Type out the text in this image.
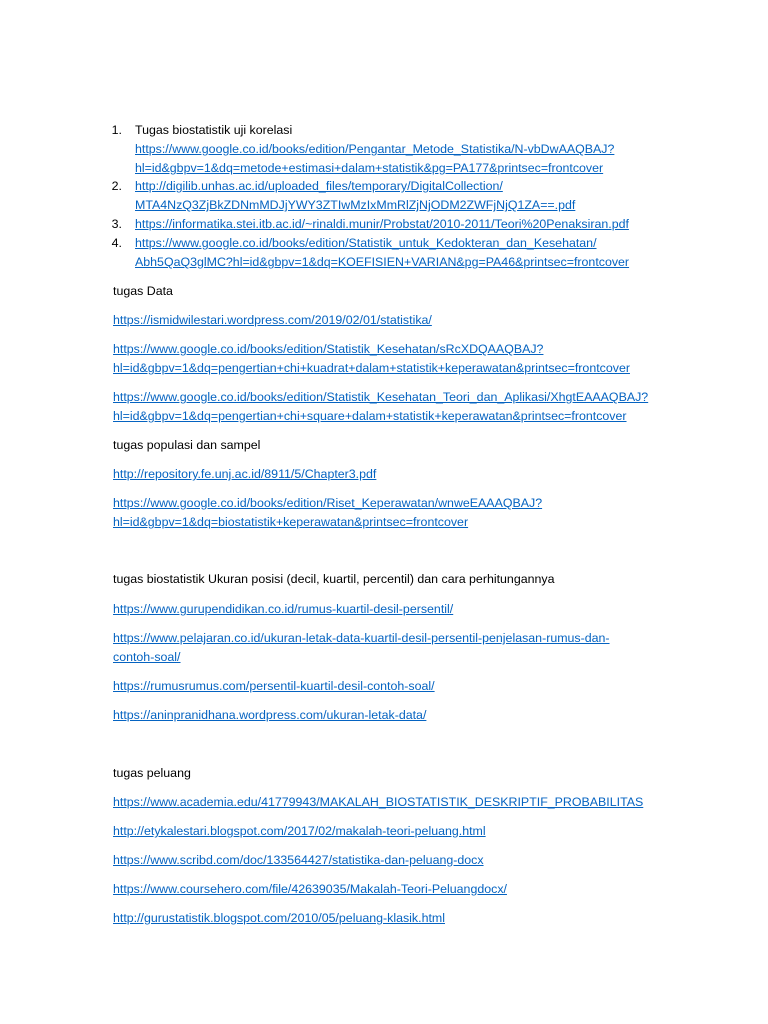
1. Tugas biostatistik uji korelasi
https://www.google.co.id/books/edition/Pengantar_Metode_Statistika/N-vbDwAAQBAJ?
hl=id&gbpv=1&dq=metode+estimasi+dalam+statistik&pg=PA177&printsec=frontcover
2. http://digilib.unhas.ac.id/uploaded_files/temporary/DigitalCollection/
MTA4NzQ3ZjBkZDNmMDJjYWY3ZTIwMzIxMmRlZjNjODM2ZWFjNjQ1ZA==.pdf
3. https://informatika.stei.itb.ac.id/~rinaldi.munir/Probstat/2010-2011/Teori%20Penaksiran.pdf
4. https://www.google.co.id/books/edition/Statistik_untuk_Kedokteran_dan_Kesehatan/
Abh5QaQ3glMC?hl=id&gbpv=1&dq=KOEFISIEN+VARIAN&pg=PA46&printsec=frontcover
tugas Data
https://ismidwilestari.wordpress.com/2019/02/01/statistika/
https://www.google.co.id/books/edition/Statistik_Kesehatan/sRcXDQAAQBAJ?
hl=id&gbpv=1&dq=pengertian+chi+kuadrat+dalam+statistik+keperawatan&printsec=frontcover
https://www.google.co.id/books/edition/Statistik_Kesehatan_Teori_dan_Aplikasi/XhgtEAAAQBAJ?
hl=id&gbpv=1&dq=pengertian+chi+square+dalam+statistik+keperawatan&printsec=frontcover
tugas populasi dan sampel
http://repository.fe.unj.ac.id/8911/5/Chapter3.pdf
https://www.google.co.id/books/edition/Riset_Keperawatan/wnweEAAAQBAJ?
hl=id&gbpv=1&dq=biostatistik+keperawatan&printsec=frontcover
tugas biostatistik Ukuran posisi (decil, kuartil, percentil) dan cara perhitungannya
https://www.gurupendidikan.co.id/rumus-kuartil-desil-persentil/
https://www.pelajaran.co.id/ukuran-letak-data-kuartil-desil-persentil-penjelasan-rumus-dan-
contoh-soal/
https://rumusrumus.com/persentil-kuartil-desil-contoh-soal/
https://aninpranidhana.wordpress.com/ukuran-letak-data/
tugas peluang
https://www.academia.edu/41779943/MAKALAH_BIOSTATISTIK_DESKRIPTIF_PROBABILITAS
http://etykalestari.blogspot.com/2017/02/makalah-teori-peluang.html
https://www.scribd.com/doc/133564427/statistika-dan-peluang-docx
https://www.coursehero.com/file/42639035/Makalah-Teori-Peluangdocx/
http://gurustatistik.blogspot.com/2010/05/peluang-klasik.html
